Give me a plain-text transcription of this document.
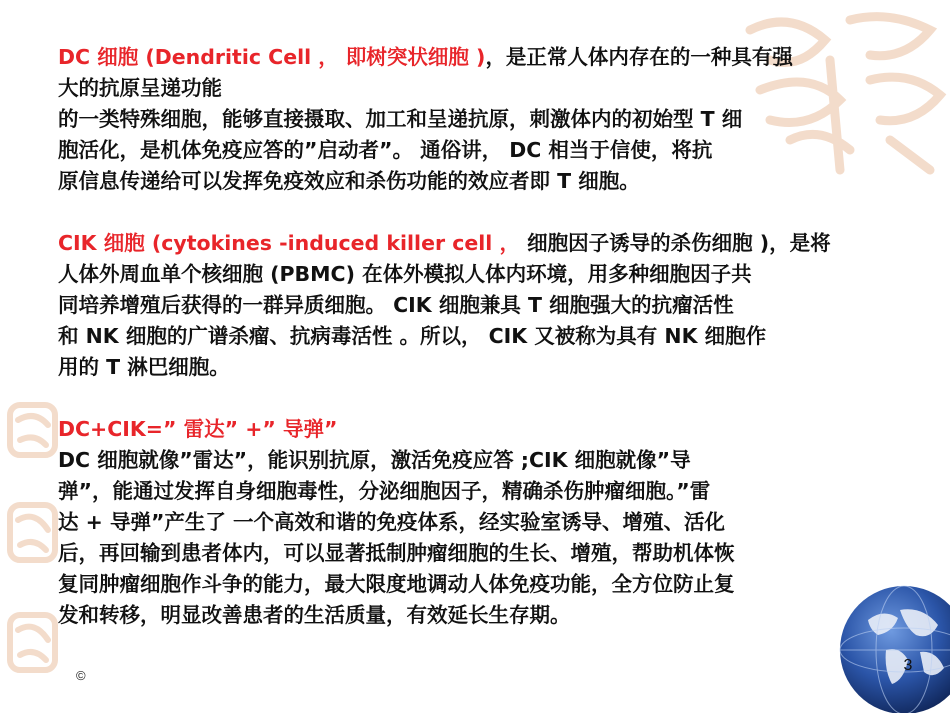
DC 细胞 (Dendritic Cell ， 即树突状细胞 )，是正常人体内存在的一种具有强
大的抗原呈递功能
的一类特殊细胞，能够直接摄取、加工和呈递抗原，刺激体内的初始型 T 细
胞活化，是机体免疫应答的”启动者”。 通俗讲， DC 相当于信使，将抗
原信息传递给可以发挥免疫效应和杀伤功能的效应者即 T 细胞。

CIK 细胞 (cytokines -induced killer cell ， 细胞因子诱导的杀伤细胞 )，是将
人体外周血单个核细胞 (PBMC) 在体外模拟人体内环境，用多种细胞因子共
同培养增殖后获得的一群异质细胞。 CIK 细胞兼具 T 细胞强大的抗瘤活性
和 NK 细胞的广谱杀瘤、抗病毒活性 。所以， CIK 又被称为具有 NK 细胞作
用的 T 淋巴细胞。

DC+CIK=” 雷达” +” 导弹”
DC 细胞就像”雷达”，能识别抗原，激活免疫应答 ;CIK 细胞就像”导
弹”，能通过发挥自身细胞毒性，分泌细胞因子，精确杀伤肿瘤细胞。”雷
达 + 导弹”产生了 一个高效和谐的免疫体系，经实验室诱导、增殖、活化
后，再回输到患者体内，可以显著抵制肿瘤细胞的生长、增殖，帮助机体恢
复同肿瘤细胞作斗争的能力，最大限度地调动人体免疫功能，全方位防止复
发和转移，明显改善患者的生活质量，有效延长生存期。

3
©
